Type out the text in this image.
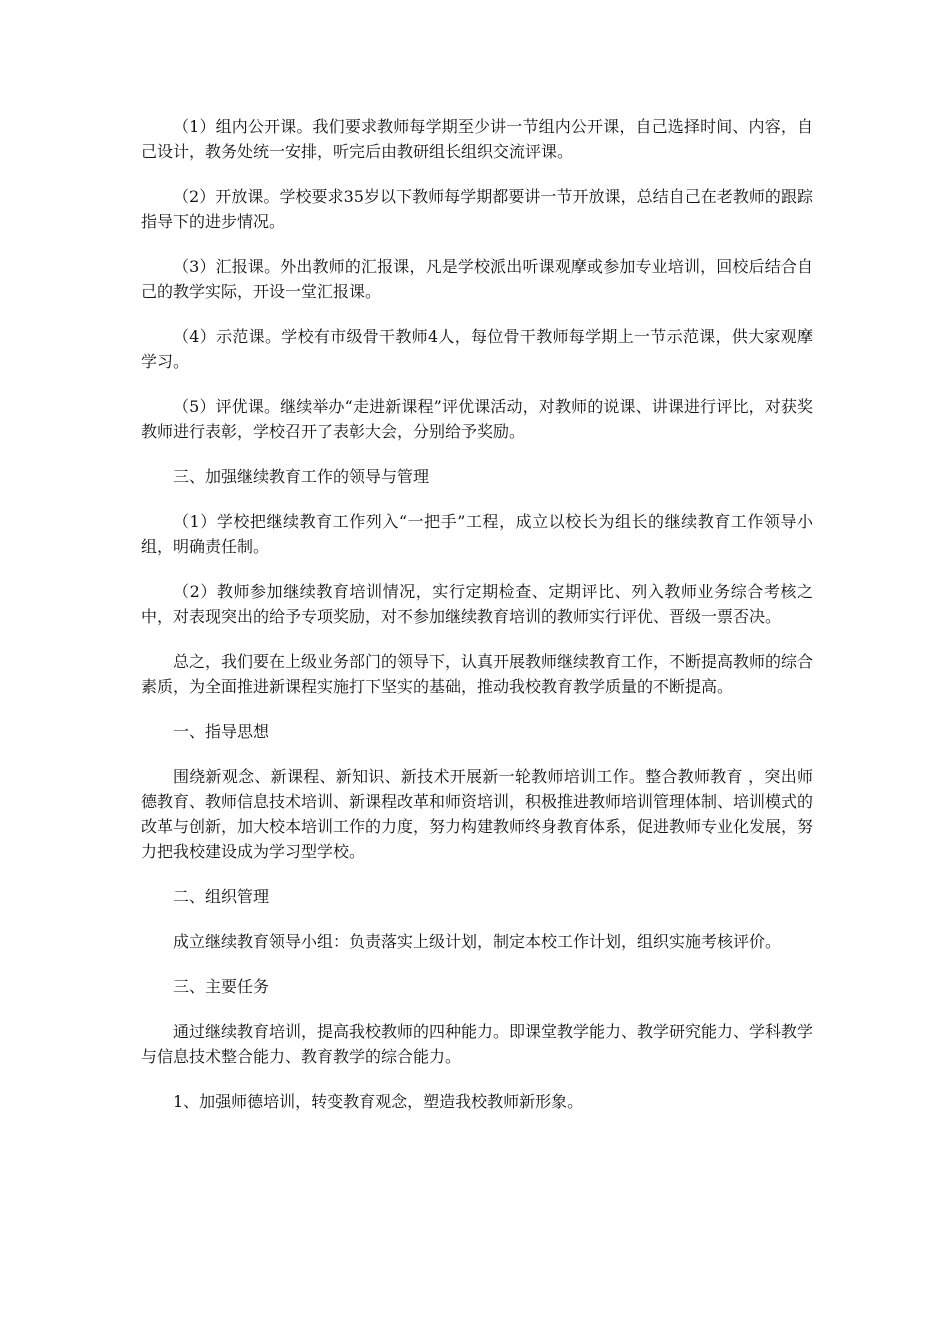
（1）组内公开课。我们要求教师每学期至少讲一节组内公开课，自己选择时间、内容，自己设计，教务处统一安排，听完后由教研组长组织交流评课。

（2）开放课。学校要求35岁以下教师每学期都要讲一节开放课，总结自己在老教师的跟踪指导下的进步情况。

（3）汇报课。外出教师的汇报课，凡是学校派出听课观摩或参加专业培训，回校后结合自己的教学实际，开设一堂汇报课。

（4）示范课。学校有市级骨干教师4人，每位骨干教师每学期上一节示范课，供大家观摩学习。

（5）评优课。继续举办“走进新课程”评优课活动，对教师的说课、讲课进行评比，对获奖教师进行表彰，学校召开了表彰大会，分别给予奖励。

三、加强继续教育工作的领导与管理

（1）学校把继续教育工作列入“一把手”工程，成立以校长为组长的继续教育工作领导小组，明确责任制。

（2）教师参加继续教育培训情况，实行定期检查、定期评比、列入教师业务综合考核之中，对表现突出的给予专项奖励，对不参加继续教育培训的教师实行评优、晋级一票否决。

总之，我们要在上级业务部门的领导下，认真开展教师继续教育工作，不断提高教师的综合素质，为全面推进新课程实施打下坚实的基础，推动我校教育教学质量的不断提高。

一、指导思想

围绕新观念、新课程、新知识、新技术开展新一轮教师培训工作。整合教师教育 ，突出师德教育、教师信息技术培训、新课程改革和师资培训，积极推进教师培训管理体制、培训模式的改革与创新，加大校本培训工作的力度，努力构建教师终身教育体系，促进教师专业化发展，努力把我校建设成为学习型学校。

二、组织管理

成立继续教育领导小组：负责落实上级计划，制定本校工作计划，组织实施考核评价。

三、主要任务

通过继续教育培训，提高我校教师的四种能力。即课堂教学能力、教学研究能力、学科教学与信息技术整合能力、教育教学的综合能力。

1、加强师德培训，转变教育观念，塑造我校教师新形象。
